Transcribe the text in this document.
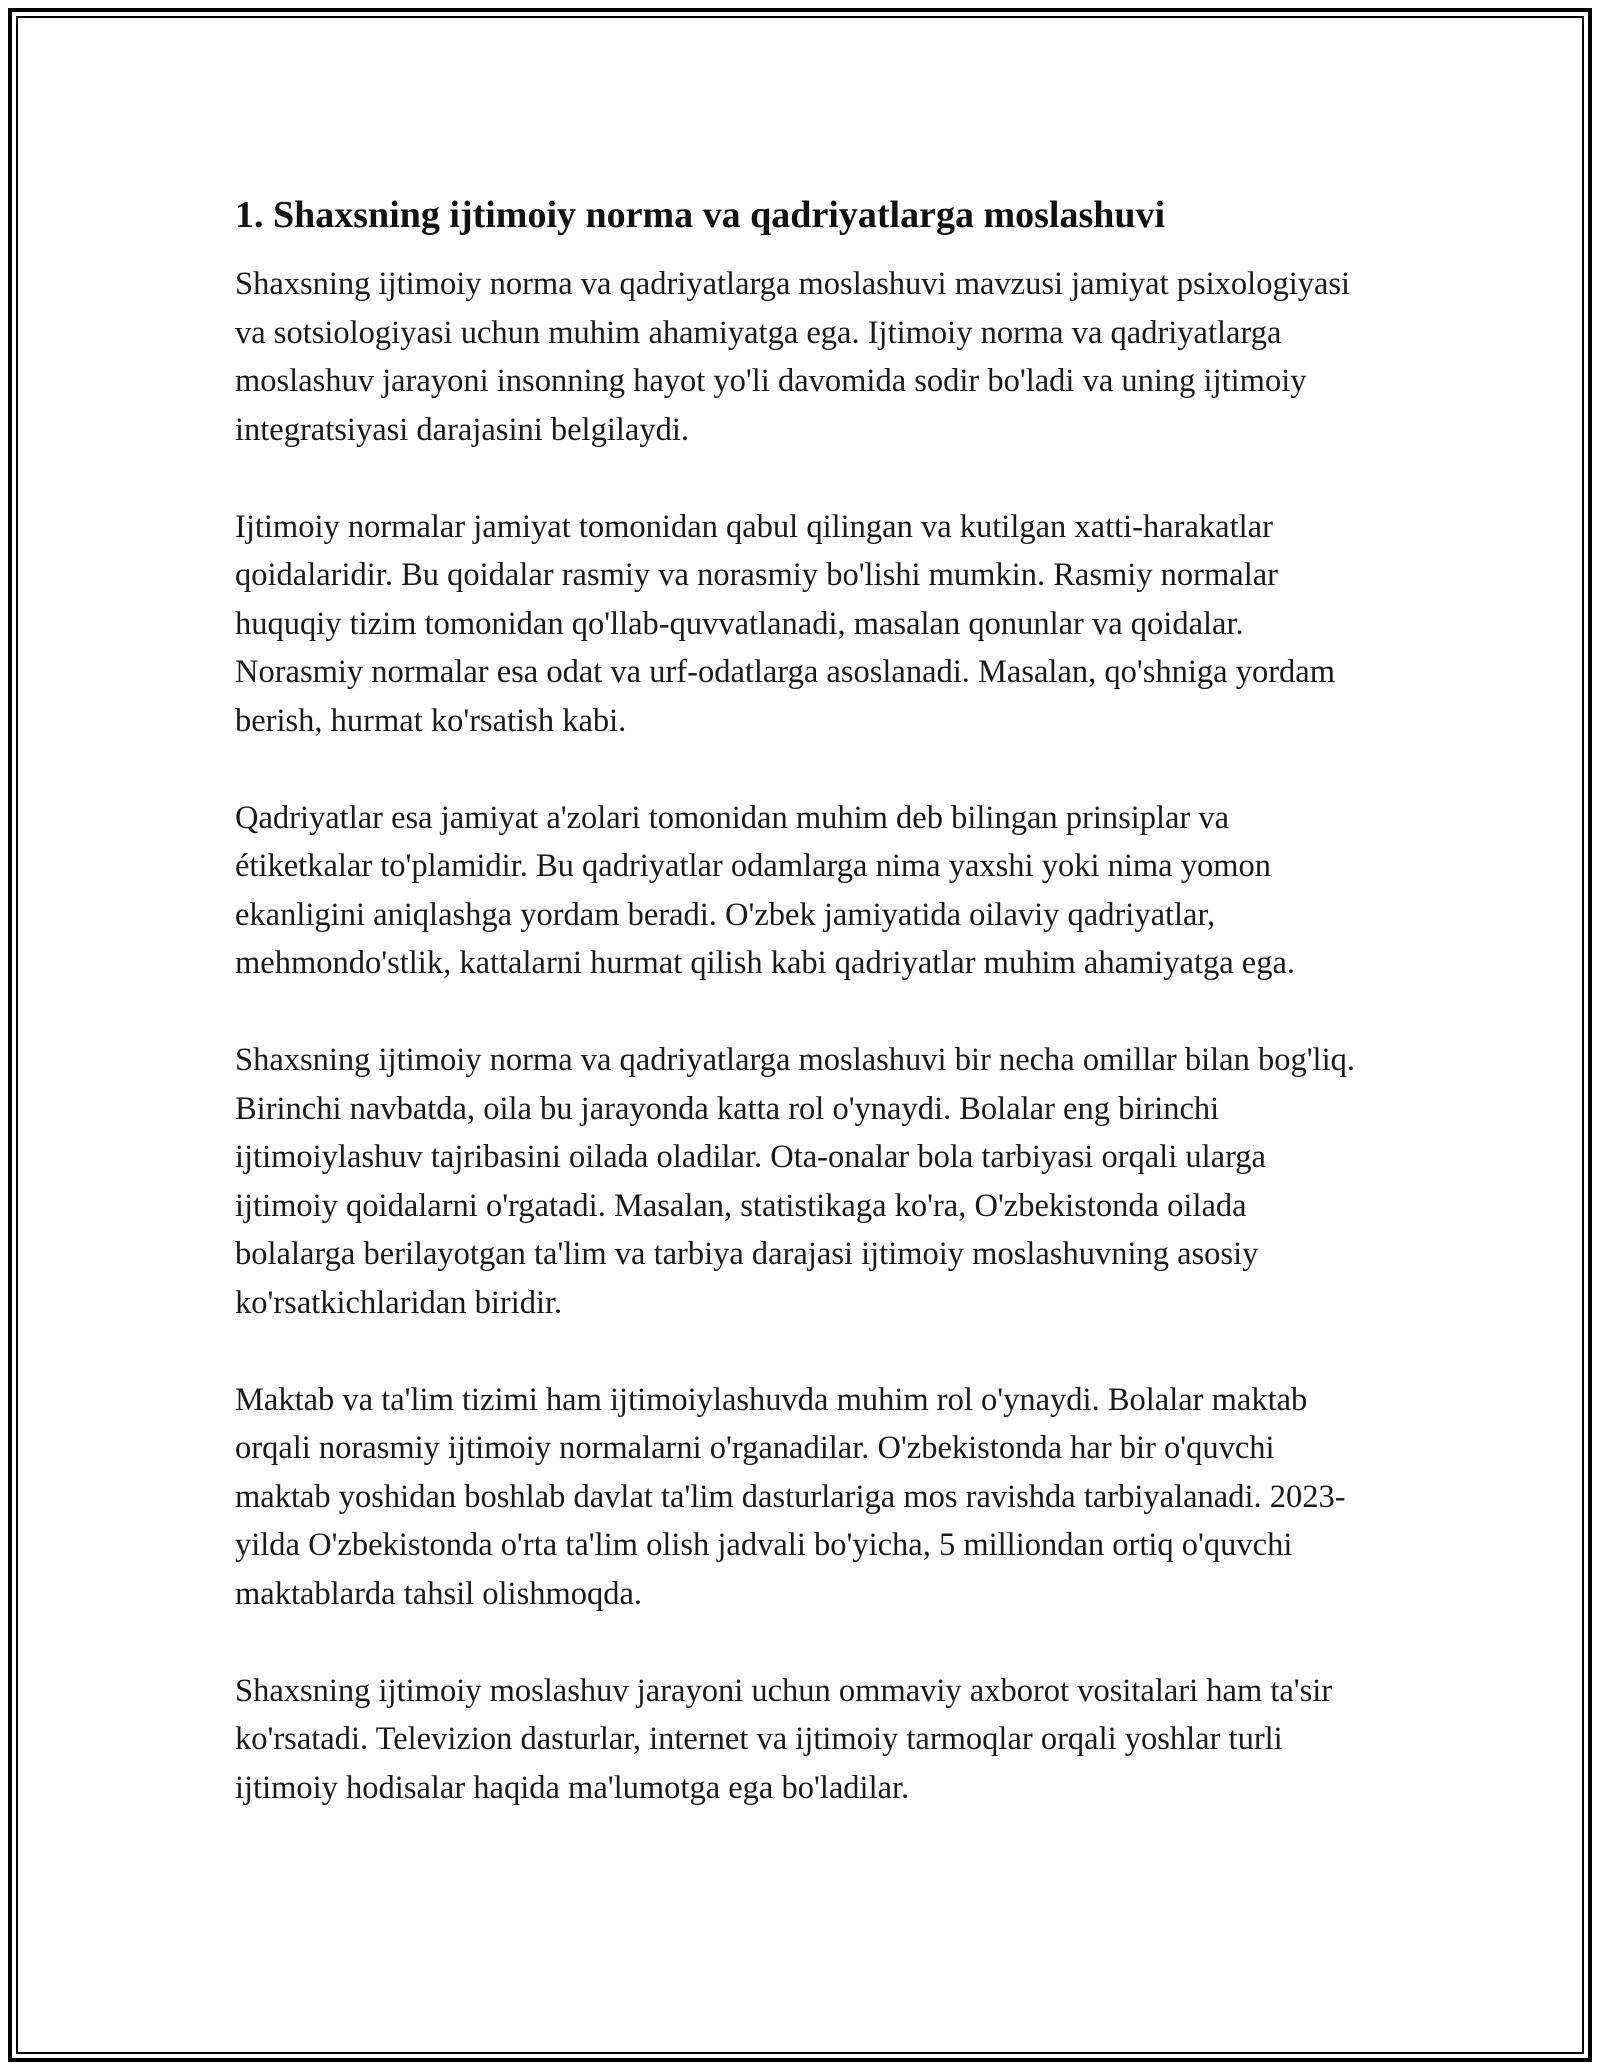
1. Shaxsning ijtimoiy norma va qadriyatlarga moslashuvi

Shaxsning ijtimoiy norma va qadriyatlarga moslashuvi mavzusi jamiyat psixologiyasi va sotsiologiyasi uchun muhim ahamiyatga ega. Ijtimoiy norma va qadriyatlarga moslashuv jarayoni insonning hayot yo'li davomida sodir bo'ladi va uning ijtimoiy integratsiyasi darajasini belgilaydi.

Ijtimoiy normalar jamiyat tomonidan qabul qilingan va kutilgan xatti-harakatlar qoidalaridir. Bu qoidalar rasmiy va norasmiy bo'lishi mumkin. Rasmiy normalar huquqiy tizim tomonidan qo'llab-quvvatlanadi, masalan qonunlar va qoidalar. Norasmiy normalar esa odat va urf-odatlarga asoslanadi. Masalan, qo'shniga yordam berish, hurmat ko'rsatish kabi.

Qadriyatlar esa jamiyat a'zolari tomonidan muhim deb bilingan prinsiplar va étiketkalar to'plamidir. Bu qadriyatlar odamlarga nima yaxshi yoki nima yomon ekanligini aniqlashga yordam beradi. O'zbek jamiyatida oilaviy qadriyatlar, mehmondo'stlik, kattalarni hurmat qilish kabi qadriyatlar muhim ahamiyatga ega.

Shaxsning ijtimoiy norma va qadriyatlarga moslashuvi bir necha omillar bilan bog'liq. Birinchi navbatda, oila bu jarayonda katta rol o'ynaydi. Bolalar eng birinchi ijtimoiylashuv tajribasini oilada oladilar. Ota-onalar bola tarbiyasi orqali ularga ijtimoiy qoidalarni o'rgatadi. Masalan, statistikaga ko'ra, O'zbekistonda oilada bolalarga berilayotgan ta'lim va tarbiya darajasi ijtimoiy moslashuvning asosiy ko'rsatkichlaridan biridir.

Maktab va ta'lim tizimi ham ijtimoiylashuvda muhim rol o'ynaydi. Bolalar maktab orqali norasmiy ijtimoiy normalarni o'rganadilar. O'zbekistonda har bir o'quvchi maktab yoshidan boshlab davlat ta'lim dasturlariga mos ravishda tarbiyalanadi. 2023-yilda O'zbekistonda o'rta ta'lim olish jadvali bo'yicha, 5 milliondan ortiq o'quvchi maktablarda tahsil olishmoqda.

Shaxsning ijtimoiy moslashuv jarayoni uchun ommaviy axborot vositalari ham ta'sir ko'rsatadi. Televizion dasturlar, internet va ijtimoiy tarmoqlar orqali yoshlar turli ijtimoiy hodisalar haqida ma'lumotga ega bo'ladilar.
